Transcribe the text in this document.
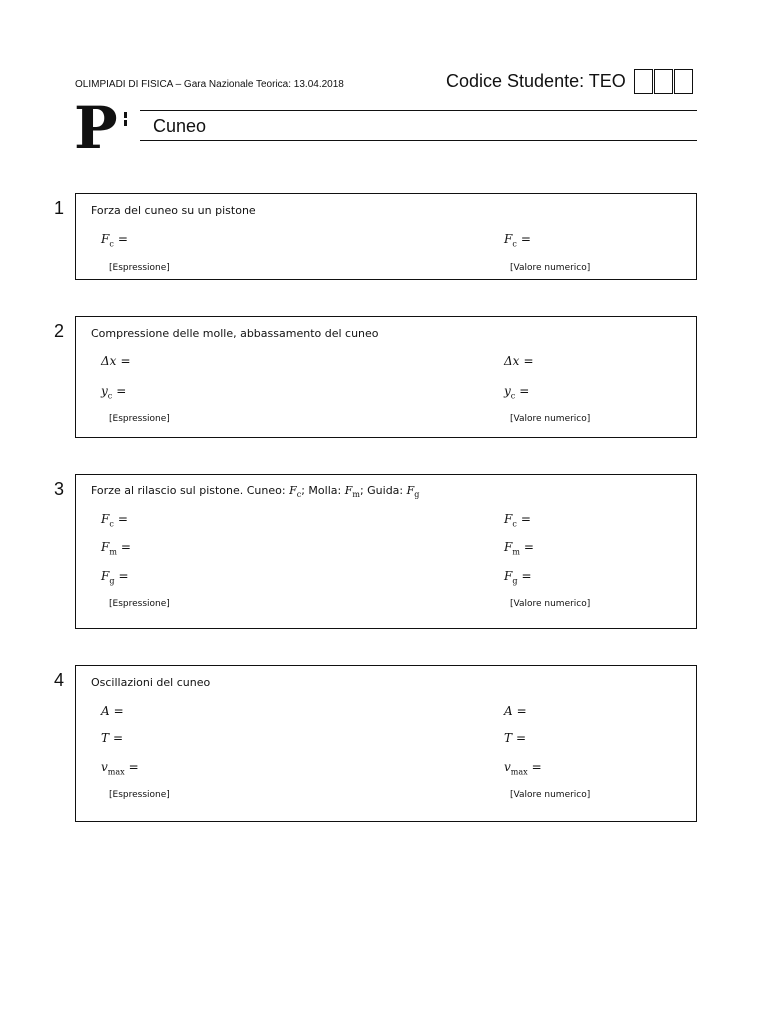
OLIMPIADI DI FISICA – Gara Nazionale Teorica: 13.04.2018	Codice Studente: TEO
P Cuneo
1 Forza del cuneo su un pistone
$F_c$ =	$F_c$ =
[Espressione]	[Valore numerico]
2 Compressione delle molle, abbassamento del cuneo
Δx =	Δx =
$y_c$ =	$y_c$ =
[Espressione]	[Valore numerico]
3 Forze al rilascio sul pistone. Cuneo: $F_c$; Molla: $F_m$; Guida: $F_g$
$F_c$ =	$F_c$ =
$F_m$ =	$F_m$ =
$F_g$ =	$F_g$ =
[Espressione]	[Valore numerico]
4 Oscillazioni del cuneo
A =	A =
T =	T =
$v_{max}$ =	$v_{max}$ =
[Espressione]	[Valore numerico]
